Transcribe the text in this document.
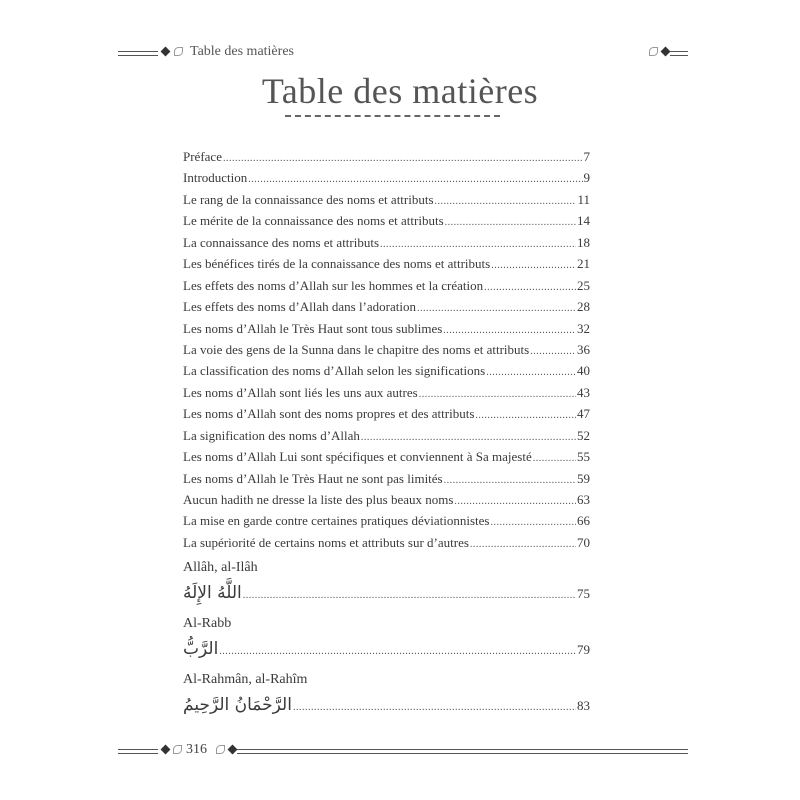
Table des matières
Table des matières
Préface .....	7
Introduction .....	9
Le rang de la connaissance des noms et attributs .....	11
Le mérite de la connaissance des noms et attributs .....	14
La connaissance des noms et attributs .....	18
Les bénéfices tirés de la connaissance des noms et attributs .....	21
Les effets des noms d’Allah sur les hommes et la création .....	25
Les effets des noms d’Allah dans l’adoration .....	28
Les noms d’Allah le Très Haut sont tous sublimes .....	32
La voie des gens de la Sunna dans le chapitre des noms et attributs .....	36
La classification des noms d’Allah selon les significations .....	40
Les noms d’Allah sont liés les uns aux autres .....	43
Les noms d’Allah sont des noms propres et des attributs .....	47
La signification des noms d’Allah .....	52
Les noms d’Allah Lui sont spécifiques et conviennent à Sa majesté .....	55
Les noms d’Allah le Très Haut ne sont pas limités .....	59
Aucun hadith ne dresse la liste des plus beaux noms .....	63
La mise en garde contre certaines pratiques déviationnistes .....	66
La supériorité de certains noms et attributs sur d’autres .....	70
Allâh, al-Ilâh
اللَّهُ الإِلَهُ .....	75
Al-Rabb
الرَّبُّ .....	79
Al-Rahmân, al-Rahîm
الرَّحْمَانُ الرَّحِيمُ .....	83
316
